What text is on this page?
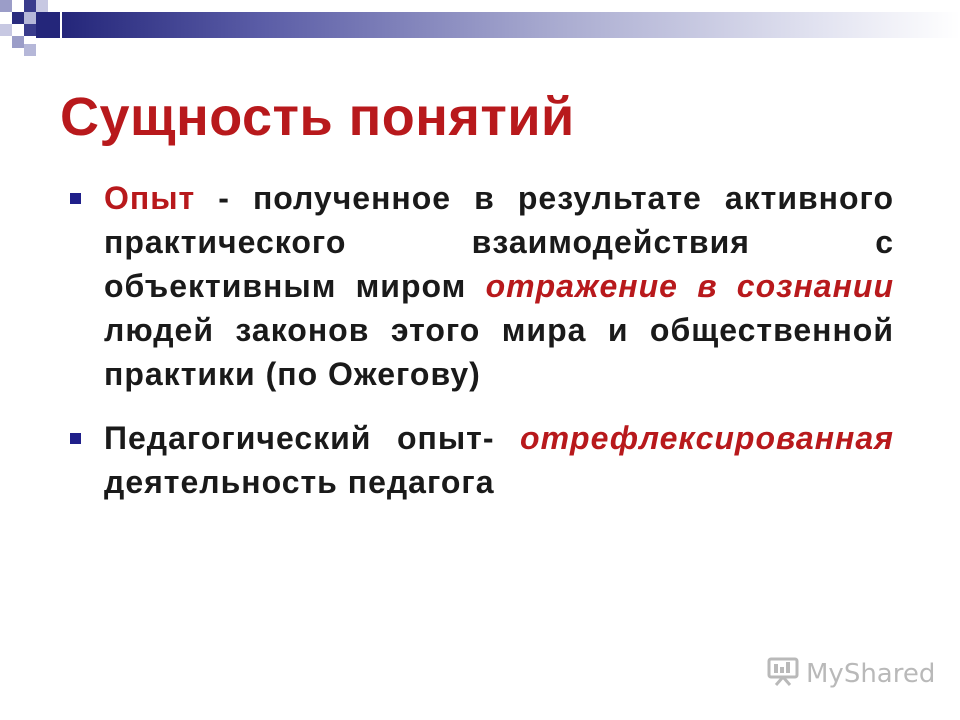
Сущность понятий
Опыт - полученное в результате активного практического взаимодействия с объективным миром отражение в сознании людей законов этого мира и общественной практики (по Ожегову)
Педагогический опыт- отрефлексированная деятельность педагога
MyShared
